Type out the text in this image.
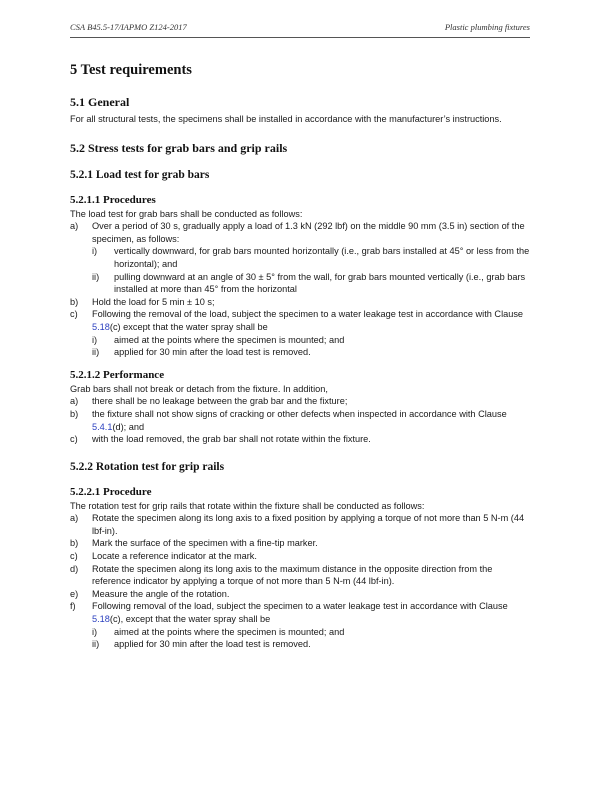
CSA B45.5-17/IAPMO Z124-2017	Plastic plumbing fixtures
5 Test requirements
5.1 General

For all structural tests, the specimens shall be installed in accordance with the manufacturer’s instructions.

5.2 Stress tests for grab bars and grip rails
5.2.1 Load test for grab bars
5.2.1.1 Procedures

The load test for grab bars shall be conducted as follows:

a) Over a period of 30 s, gradually apply a load of 1.3 kN (292 lbf) on the middle 90 mm (3.5 in) section of the specimen, as follows:
i) vertically downward, for grab bars mounted horizontally (i.e., grab bars installed at 45° or less from the horizontal); and
ii) pulling downward at an angle of 30 ± 5° from the wall, for grab bars mounted vertically (i.e., grab bars installed at more than 45° from the horizontal
b) Hold the load for 5 min ± 10 s;
c) Following the removal of the load, subject the specimen to a water leakage test in accordance with Clause 5.18(c) except that the water spray shall be
i) aimed at the points where the specimen is mounted; and
ii) applied for 30 min after the load test is removed.
5.2.1.2 Performance

Grab bars shall not break or detach from the fixture. In addition,

a) there shall be no leakage between the grab bar and the fixture;
b) the fixture shall not show signs of cracking or other defects when inspected in accordance with Clause 5.4.1(d); and
c) with the load removed, the grab bar shall not rotate within the fixture.
5.2.2 Rotation test for grip rails
5.2.2.1 Procedure

The rotation test for grip rails that rotate within the fixture shall be conducted as follows:

a) Rotate the specimen along its long axis to a fixed position by applying a torque of not more than 5 N-m (44 lbf-in).
b) Mark the surface of the specimen with a fine-tip marker.
c) Locate a reference indicator at the mark.
d) Rotate the specimen along its long axis to the maximum distance in the opposite direction from the reference indicator by applying a torque of not more than 5 N-m (44 lbf-in).
e) Measure the angle of the rotation.
f) Following removal of the load, subject the specimen to a water leakage test in accordance with Clause 5.18(c), except that the water spray shall be
i) aimed at the points where the specimen is mounted; and
ii) applied for 30 min after the load test is removed.
